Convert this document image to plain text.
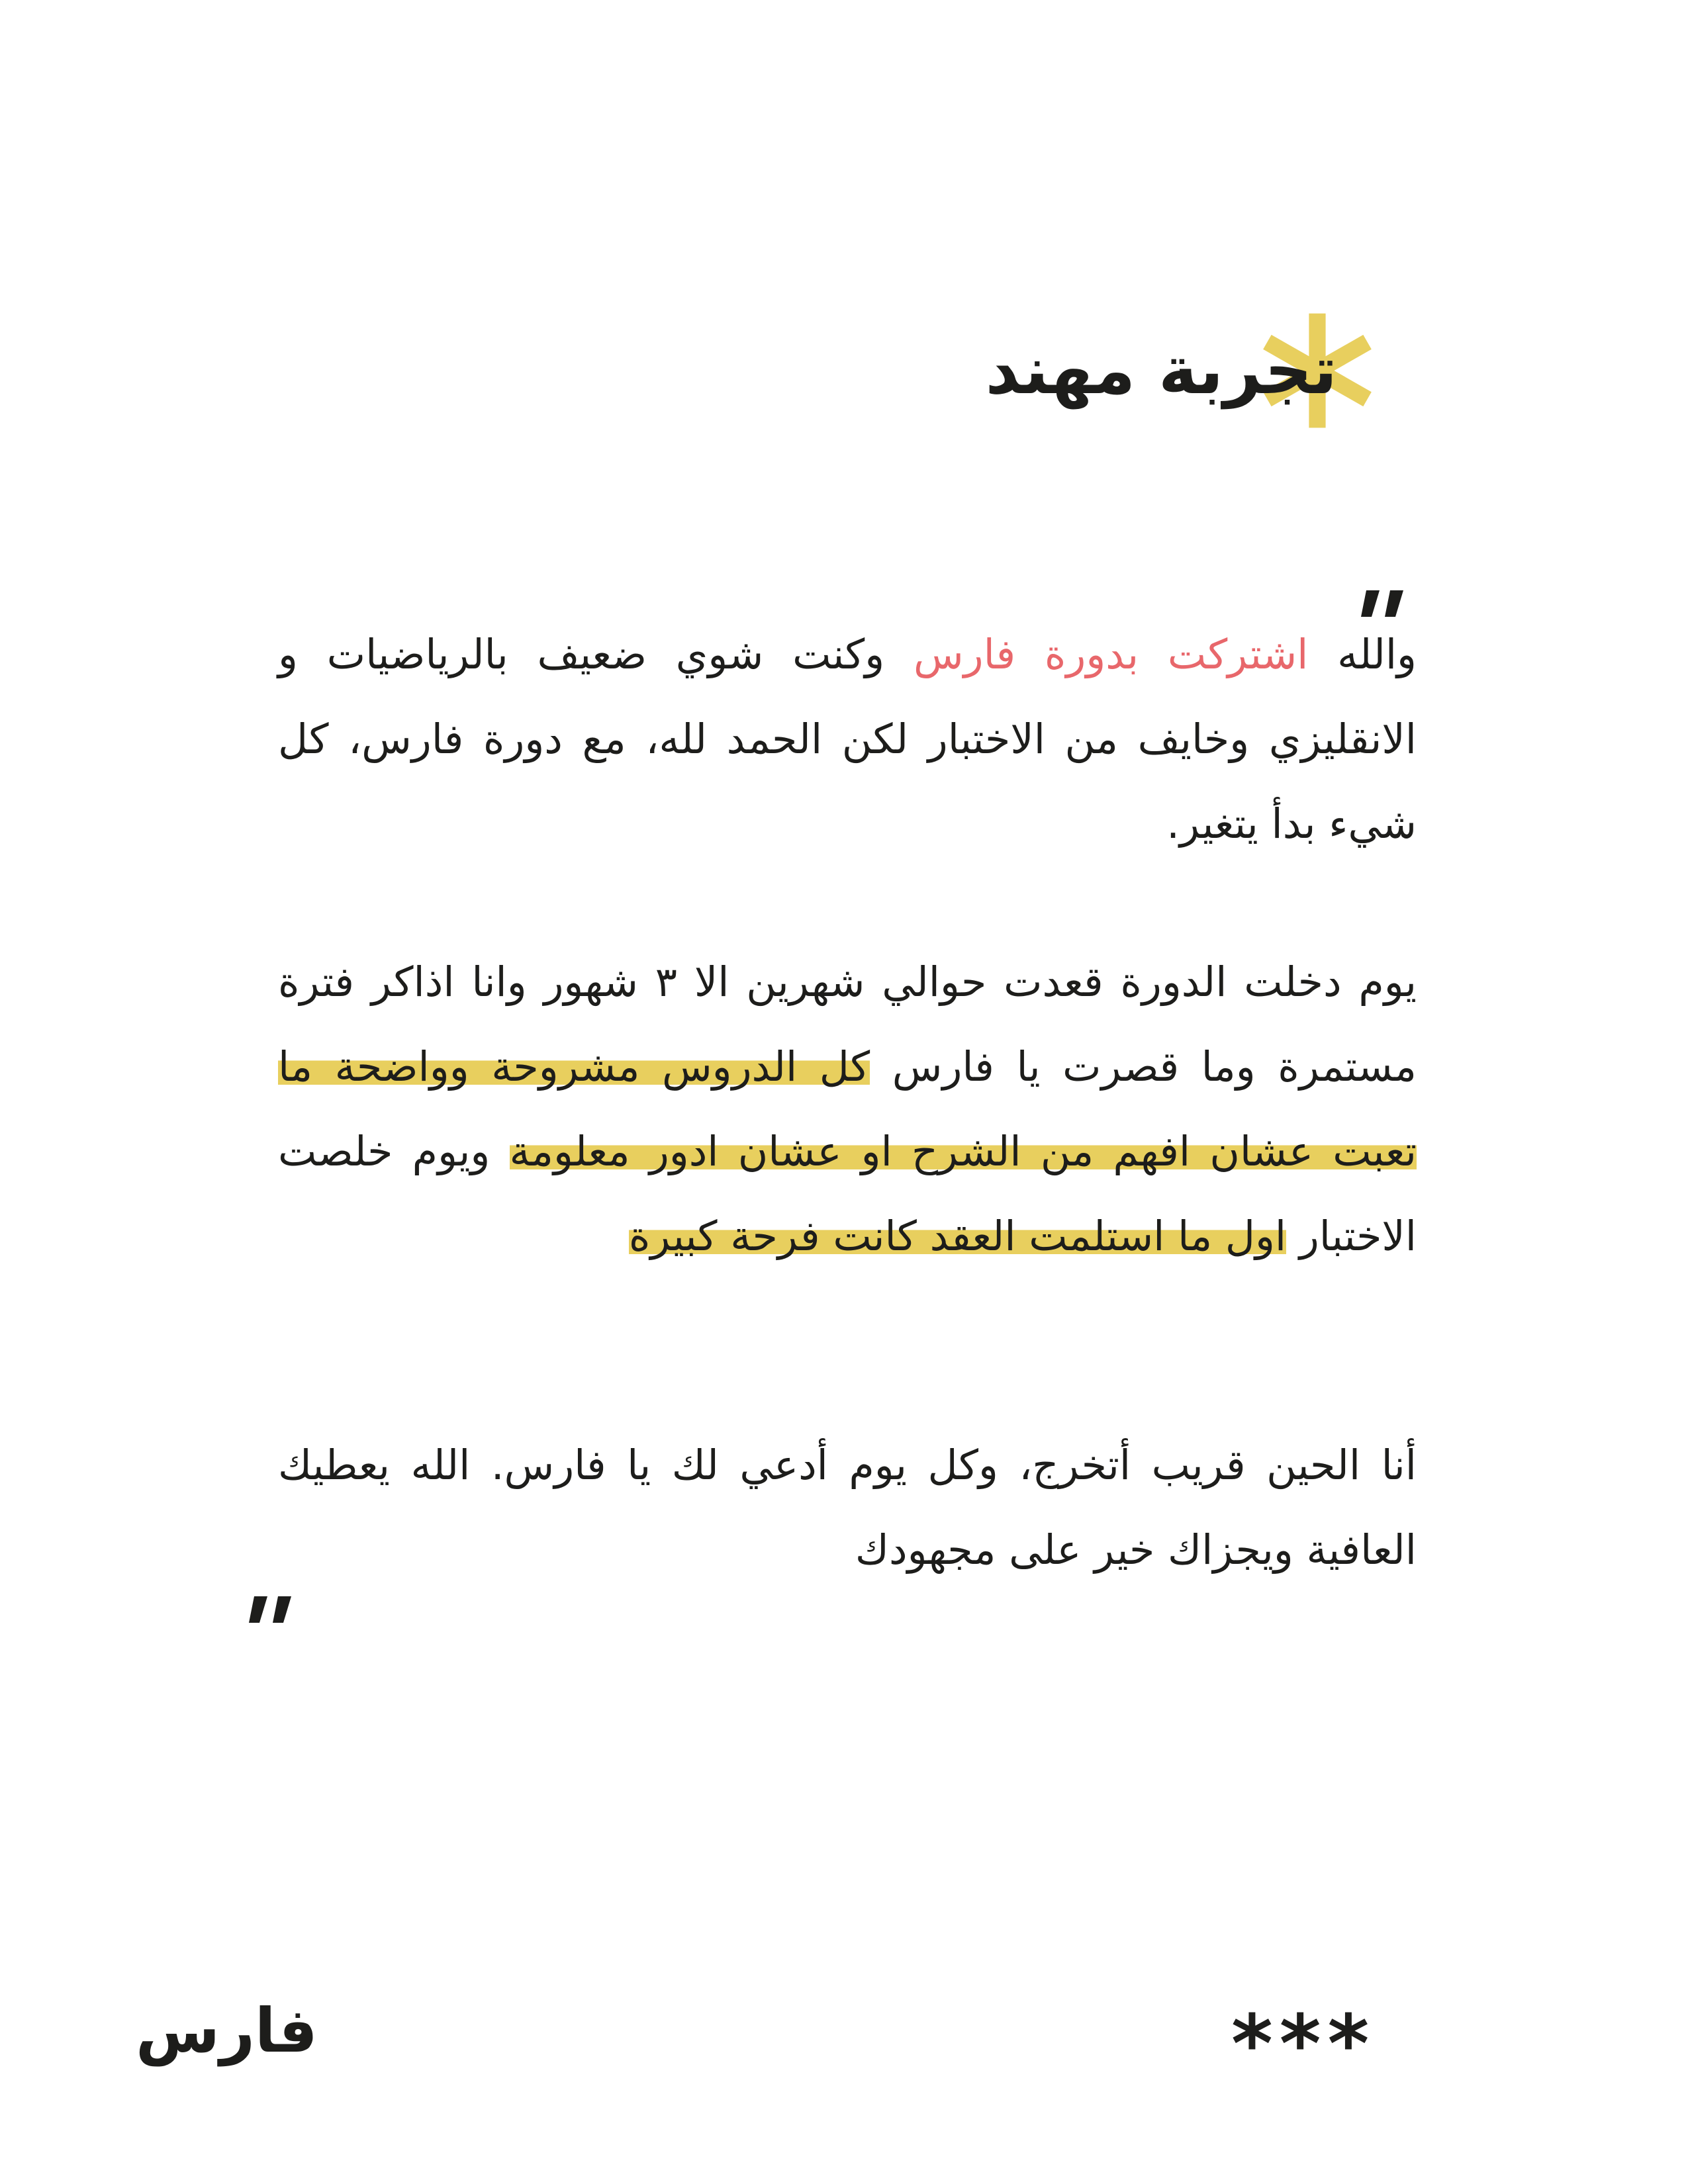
تجربة مهند

والله اشتركت بدورة فارس وكنت شوي ضعيف بالرياضيات و الانقليزي وخايف من الاختبار لكن الحمد لله، مع دورة فارس، كل شيء بدأ يتغير.

يوم دخلت الدورة قعدت حوالي شهرين الا ٣ شهور وانا اذاكر فترة مستمرة وما قصرت يا فارس كل الدروس مشروحة وواضحة ما تعبت عشان افهم من الشرح او عشان ادور معلومة ويوم خلصت الاختبار اول ما استلمت العقد كانت فرحة كبيرة

أنا الحين قريب أتخرج، وكل يوم أدعي لك يا فارس. الله يعطيك العافية ويجزاك خير على مجهودك

فارس	***
